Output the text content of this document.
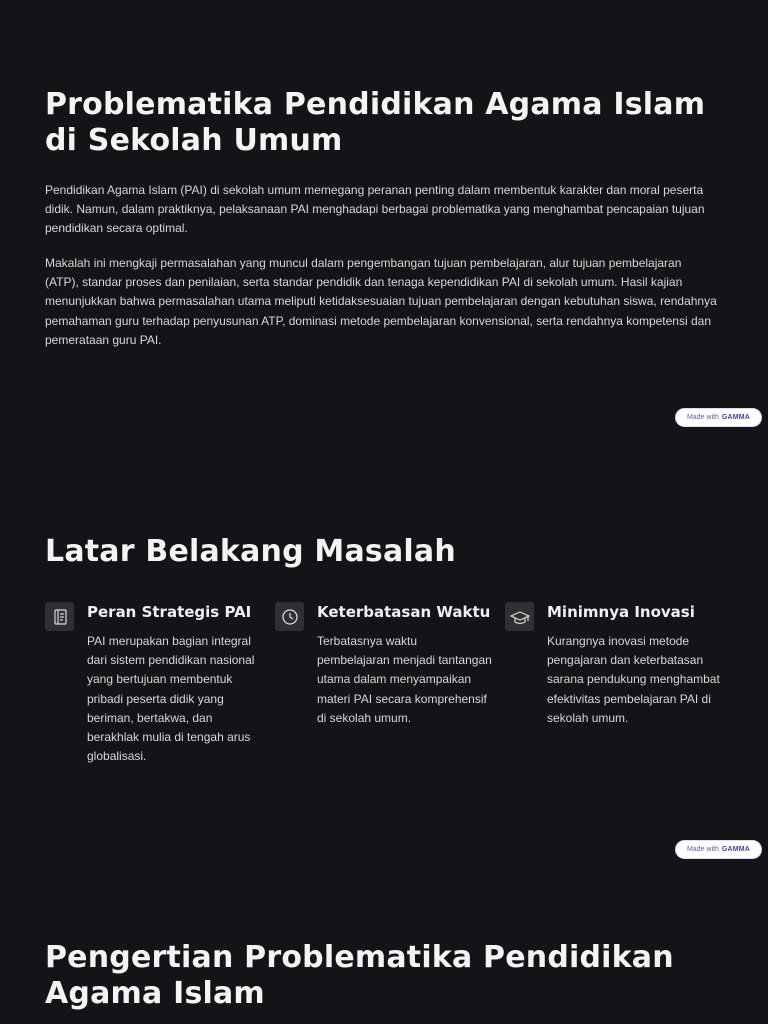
Problematika Pendidikan Agama Islam di Sekolah Umum

Pendidikan Agama Islam (PAI) di sekolah umum memegang peranan penting dalam membentuk karakter dan moral peserta didik. Namun, dalam praktiknya, pelaksanaan PAI menghadapi berbagai problematika yang menghambat pencapaian tujuan pendidikan secara optimal.

Makalah ini mengkaji permasalahan yang muncul dalam pengembangan tujuan pembelajaran, alur tujuan pembelajaran (ATP), standar proses dan penilaian, serta standar pendidik dan tenaga kependidikan PAI di sekolah umum. Hasil kajian menunjukkan bahwa permasalahan utama meliputi ketidaksesuaian tujuan pembelajaran dengan kebutuhan siswa, rendahnya pemahaman guru terhadap penyusunan ATP, dominasi metode pembelajaran konvensional, serta rendahnya kompetensi dan pemerataan guru PAI.

Made with GAMMA
Latar Belakang Masalah
Peran Strategis PAI

PAI merupakan bagian integral dari sistem pendidikan nasional yang bertujuan membentuk pribadi peserta didik yang beriman, bertakwa, dan berakhlak mulia di tengah arus globalisasi.

Keterbatasan Waktu

Terbatasnya waktu pembelajaran menjadi tantangan utama dalam menyampaikan materi PAI secara komprehensif di sekolah umum.

Minimnya Inovasi

Kurangnya inovasi metode pengajaran dan keterbatasan sarana pendukung menghambat efektivitas pembelajaran PAI di sekolah umum.

Made with GAMMA
Pengertian Problematika Pendidikan Agama Islam
